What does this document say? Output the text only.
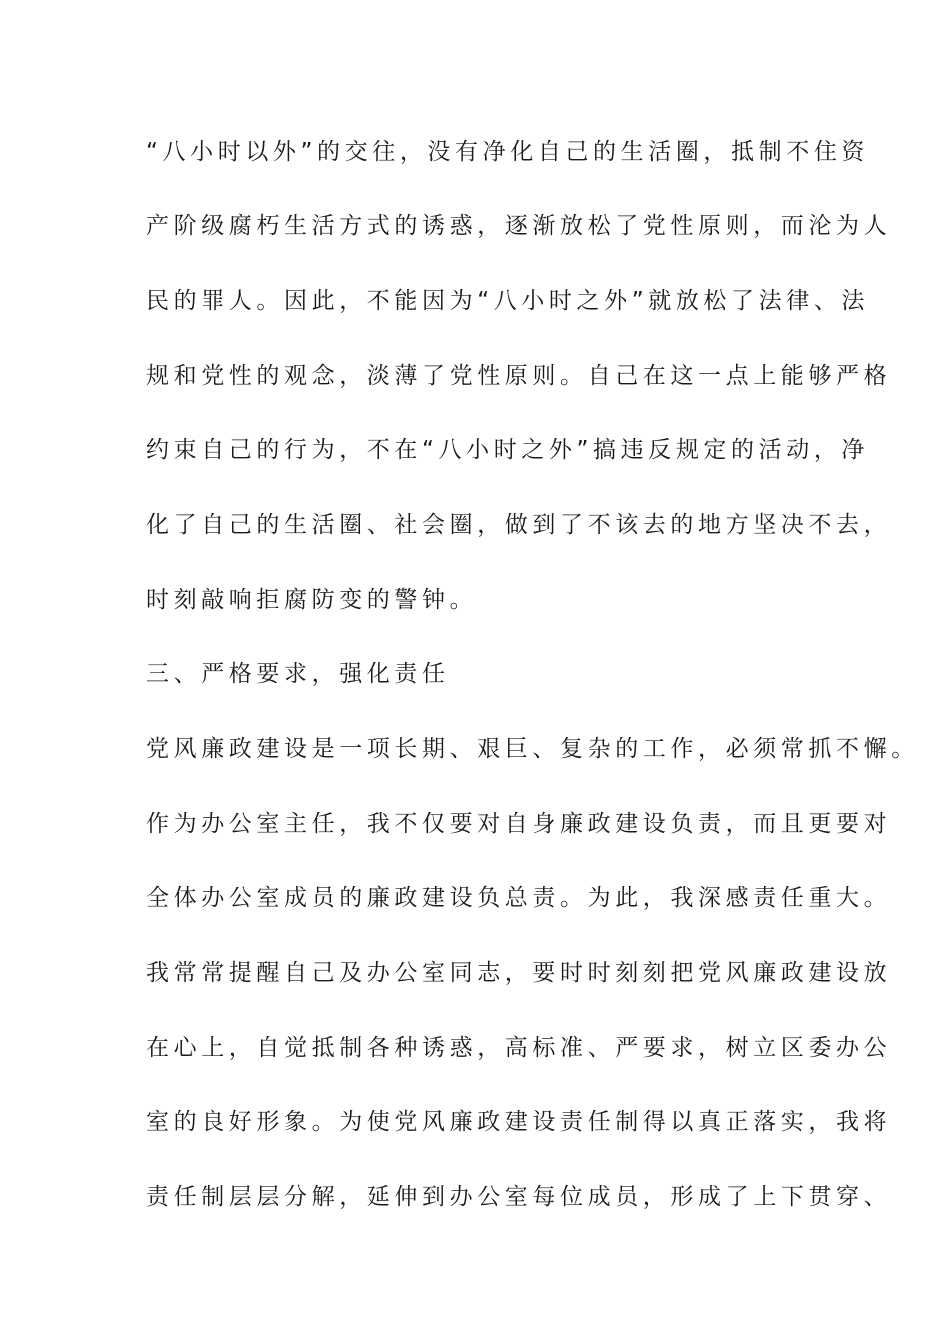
“八小时以外”的交往，没有净化自己的生活圈，抵制不住资

产阶级腐朽生活方式的诱惑，逐渐放松了党性原则，而沦为人

民的罪人。因此，不能因为“八小时之外”就放松了法律、法

规和党性的观念，淡薄了党性原则。自己在这一点上能够严格

约束自己的行为，不在“八小时之外”搞违反规定的活动，净

化了自己的生活圈、社会圈，做到了不该去的地方坚决不去，

时刻敲响拒腐防变的警钟。

三、严格要求，强化责任

党风廉政建设是一项长期、艰巨、复杂的工作，必须常抓不懈。

作为办公室主任，我不仅要对自身廉政建设负责，而且更要对

全体办公室成员的廉政建设负总责。为此，我深感责任重大。

我常常提醒自己及办公室同志，要时时刻刻把党风廉政建设放

在心上，自觉抵制各种诱惑，高标准、严要求，树立区委办公

室的良好形象。为使党风廉政建设责任制得以真正落实，我将

责任制层层分解，延伸到办公室每位成员，形成了上下贯穿、
